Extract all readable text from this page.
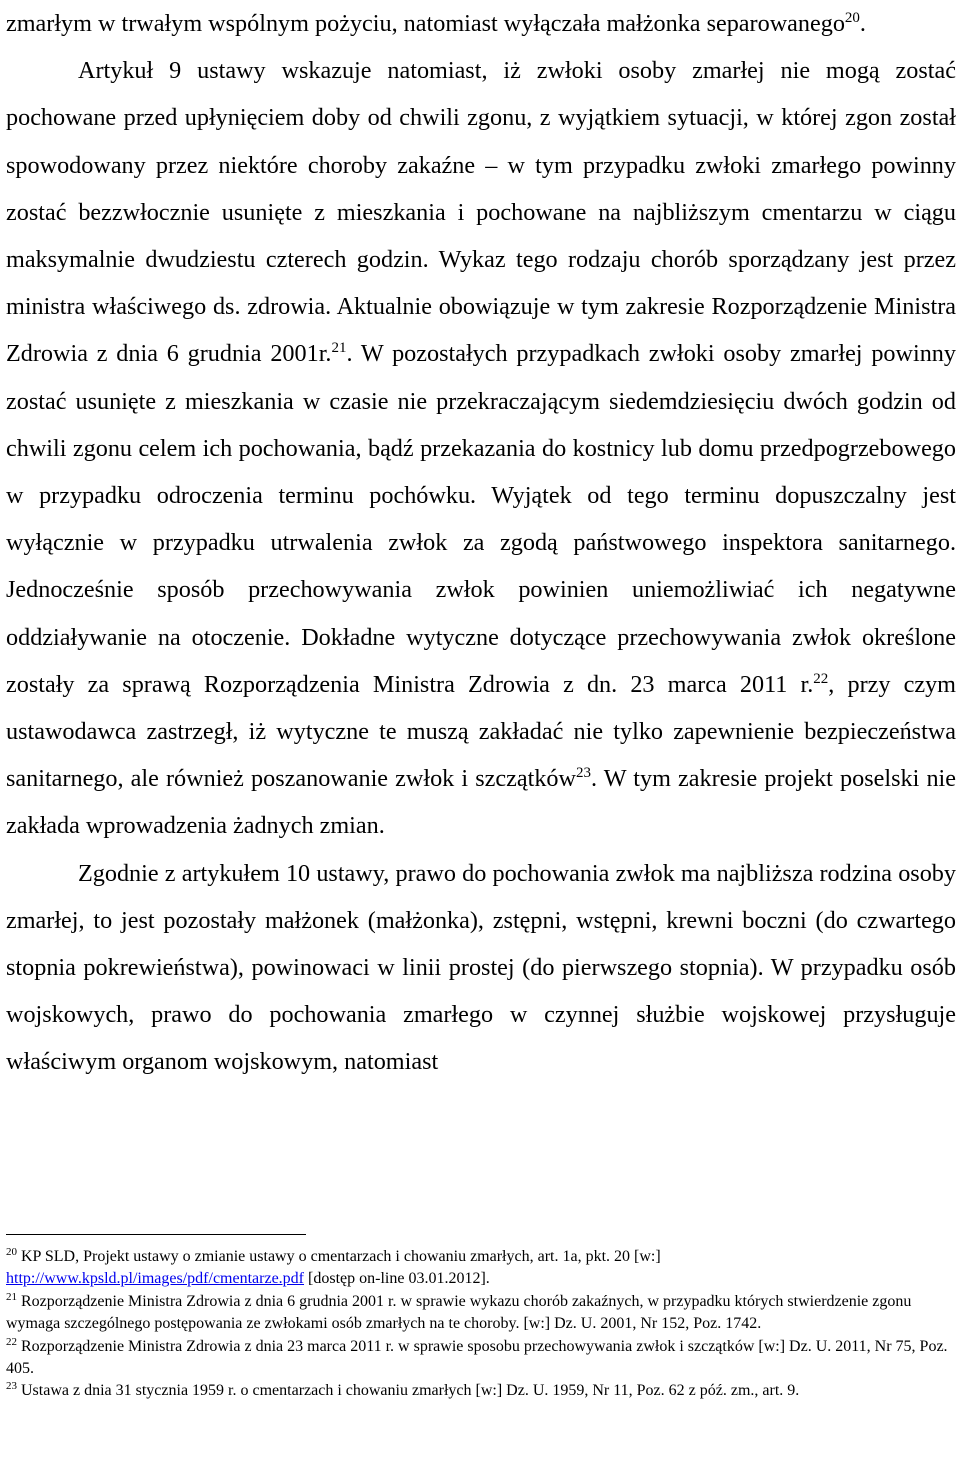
zmarłym w trwałym wspólnym pożyciu, natomiast wyłączała małżonka separowanego$^{20}$.
Artykuł 9 ustawy wskazuje natomiast, iż zwłoki osoby zmarłej nie mogą zostać pochowane przed upłynięciem doby od chwili zgonu, z wyjątkiem sytuacji, w której zgon został spowodowany przez niektóre choroby zakaźne – w tym przypadku zwłoki zmarłego powinny zostać bezzwłocznie usunięte z mieszkania i pochowane na najbliższym cmentarzu w ciągu maksymalnie dwudziestu czterech godzin. Wykaz tego rodzaju chorób sporządzany jest przez ministra właściwego ds. zdrowia. Aktualnie obowiązuje w tym zakresie Rozporządzenie Ministra Zdrowia z dnia 6 grudnia 2001r.$^{21}$. W pozostałych przypadkach zwłoki osoby zmarłej powinny zostać usunięte z mieszkania w czasie nie przekraczającym siedemdziesięciu dwóch godzin od chwili zgonu celem ich pochowania, bądź przekazania do kostnicy lub domu przedpogrzebowego w przypadku odroczenia terminu pochówku. Wyjątek od tego terminu dopuszczalny jest wyłącznie w przypadku utrwalenia zwłok za zgodą państwowego inspektora sanitarnego. Jednocześnie sposób przechowywania zwłok powinien uniemożliwiać ich negatywne oddziaływanie na otoczenie. Dokładne wytyczne dotyczące przechowywania zwłok określone zostały za sprawą Rozporządzenia Ministra Zdrowia z dn. 23 marca 2011 r.$^{22}$, przy czym ustawodawca zastrzegł, iż wytyczne te muszą zakładać nie tylko zapewnienie bezpieczeństwa sanitarnego, ale również poszanowanie zwłok i szczątków$^{23}$. W tym zakresie projekt poselski nie zakłada wprowadzenia żadnych zmian.
Zgodnie z artykułem 10 ustawy, prawo do pochowania zwłok ma najbliższa rodzina osoby zmarłej, to jest pozostały małżonek (małżonka), zstępni, wstępni, krewni boczni (do czwartego stopnia pokrewieństwa), powinowaci w linii prostej (do pierwszego stopnia). W przypadku osób wojskowych, prawo do pochowania zmarłego w czynnej służbie wojskowej przysługuje właściwym organom wojskowym, natomiast

$^{20}$ KP SLD, Projekt ustawy o zmianie ustawy o cmentarzach i chowaniu zmarłych, art. 1a, pkt. 20 [w:] http://www.kpsld.pl/images/pdf/cmentarze.pdf [dostęp on-line 03.01.2012].

$^{21}$ Rozporządzenie Ministra Zdrowia z dnia 6 grudnia 2001 r. w sprawie wykazu chorób zakaźnych, w przypadku których stwierdzenie zgonu wymaga szczególnego postępowania ze zwłokami osób zmarłych na te choroby. [w:] Dz. U. 2001, Nr 152, Poz. 1742.

$^{22}$ Rozporządzenie Ministra Zdrowia z dnia 23 marca 2011 r. w sprawie sposobu przechowywania zwłok i szczątków [w:] Dz. U. 2011, Nr 75, Poz. 405.

$^{23}$ Ustawa z dnia 31 stycznia 1959 r. o cmentarzach i chowaniu zmarłych [w:] Dz. U. 1959, Nr 11, Poz. 62 z póź. zm., art. 9.
